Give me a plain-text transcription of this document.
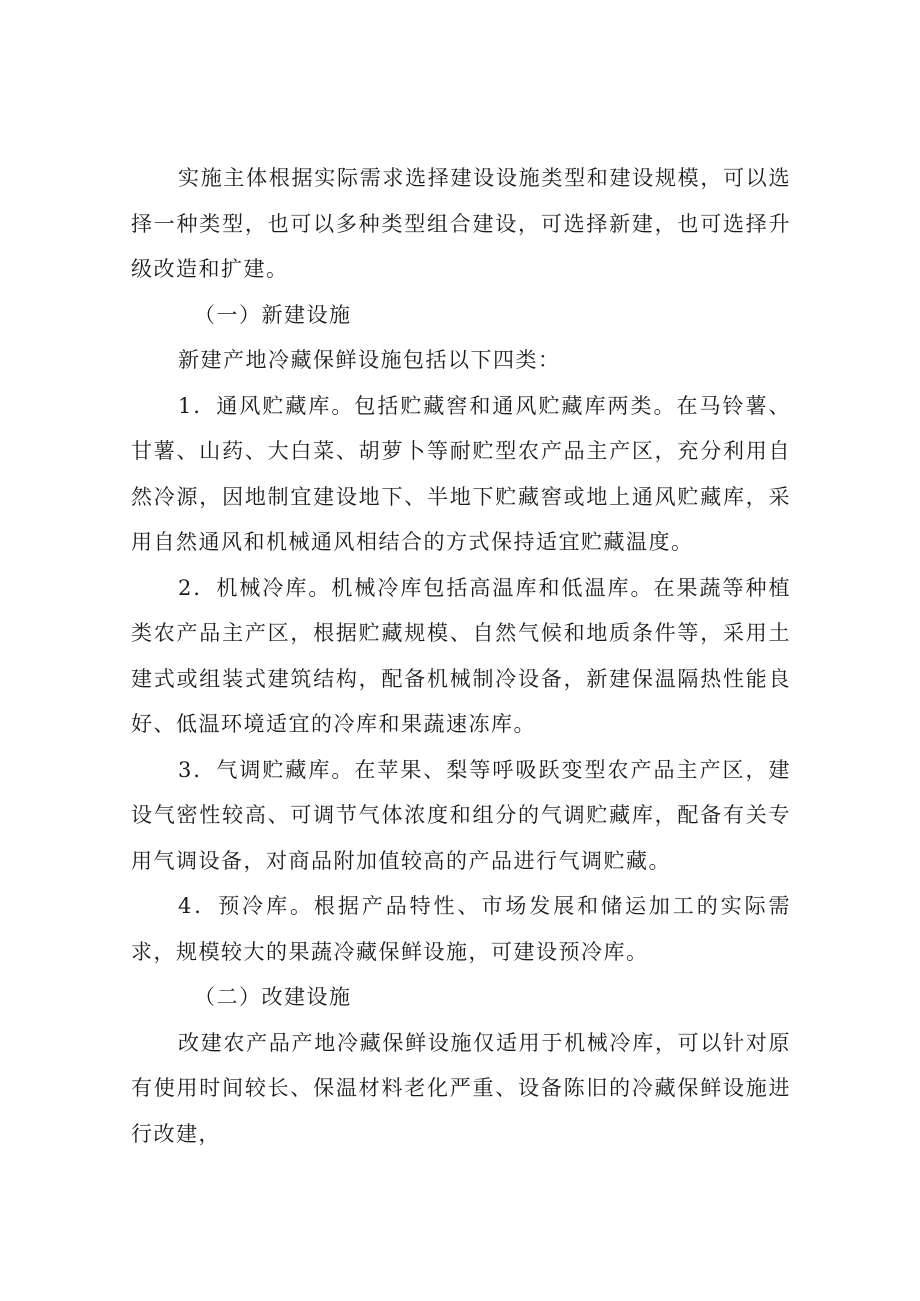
实施主体根据实际需求选择建设设施类型和建设规模，可以选择一种类型，也可以多种类型组合建设，可选择新建，也可选择升级改造和扩建。

（一）新建设施

新建产地冷藏保鲜设施包括以下四类：

1．通风贮藏库。包括贮藏窖和通风贮藏库两类。在马铃薯、甘薯、山药、大白菜、胡萝卜等耐贮型农产品主产区，充分利用自然冷源，因地制宜建设地下、半地下贮藏窖或地上通风贮藏库，采用自然通风和机械通风相结合的方式保持适宜贮藏温度。

2．机械冷库。机械冷库包括高温库和低温库。在果蔬等种植类农产品主产区，根据贮藏规模、自然气候和地质条件等，采用土建式或组装式建筑结构，配备机械制冷设备，新建保温隔热性能良好、低温环境适宜的冷库和果蔬速冻库。

3．气调贮藏库。在苹果、梨等呼吸跃变型农产品主产区，建设气密性较高、可调节气体浓度和组分的气调贮藏库，配备有关专用气调设备，对商品附加值较高的产品进行气调贮藏。

4．预冷库。根据产品特性、市场发展和储运加工的实际需求，规模较大的果蔬冷藏保鲜设施，可建设预冷库。

（二）改建设施

改建农产品产地冷藏保鲜设施仅适用于机械冷库，可以针对原有使用时间较长、保温材料老化严重、设备陈旧的冷藏保鲜设施进行改建，
